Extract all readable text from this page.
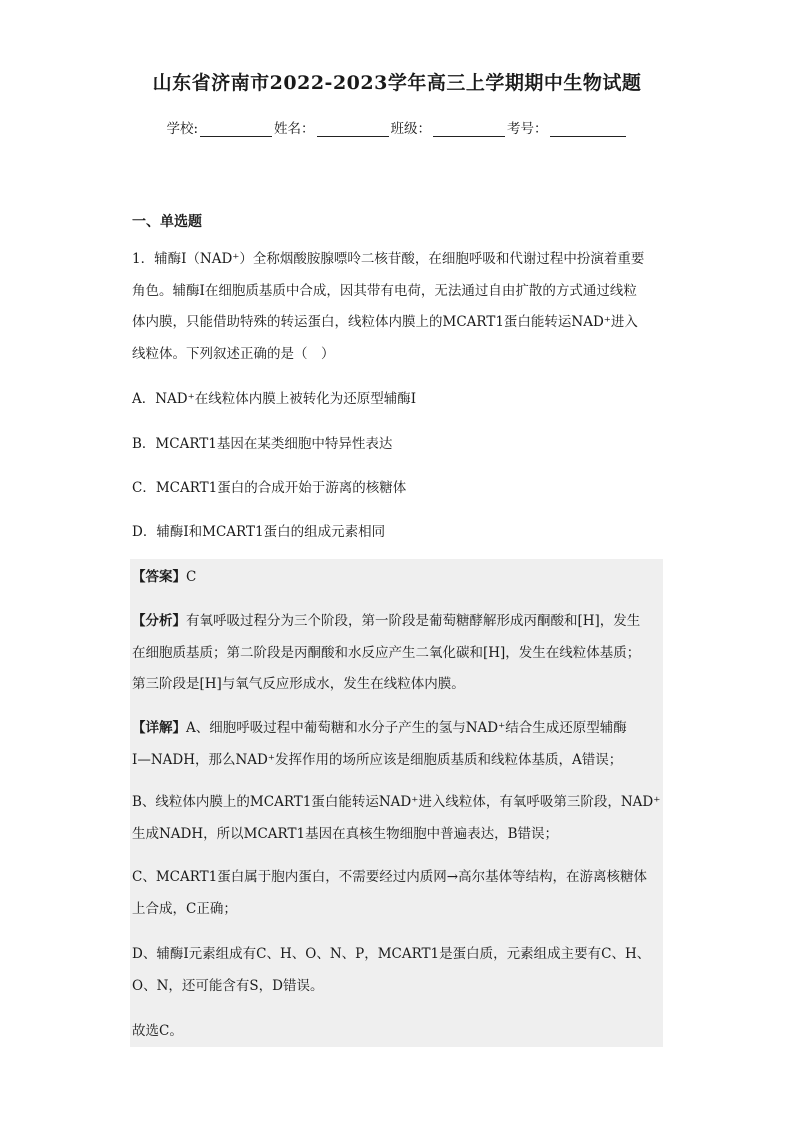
山东省济南市2022-2023学年高三上学期期中生物试题
学校:	姓名：	班级：	考号：
一、单选题
1．辅酶Ⅰ（NAD⁺）全称烟酸胺腺嘌呤二核苷酸，在细胞呼吸和代谢过程中扮演着重要
角色。辅酶Ⅰ在细胞质基质中合成，因其带有电荷，无法通过自由扩散的方式通过线粒
体内膜，只能借助特殊的转运蛋白，线粒体内膜上的MCART1蛋白能转运NAD⁺进入
线粒体。下列叙述正确的是（　）
A．NAD⁺在线粒体内膜上被转化为还原型辅酶Ⅰ
B．MCART1基因在某类细胞中特异性表达
C．MCART1蛋白的合成开始于游离的核糖体
D．辅酶Ⅰ和MCART1蛋白的组成元素相同
【答案】C
【分析】有氧呼吸过程分为三个阶段，第一阶段是葡萄糖酵解形成丙酮酸和[H]，发生
在细胞质基质；第二阶段是丙酮酸和水反应产生二氧化碳和[H]，发生在线粒体基质；
第三阶段是[H]与氧气反应形成水，发生在线粒体内膜。
【详解】A、细胞呼吸过程中葡萄糖和水分子产生的氢与NAD⁺结合生成还原型辅酶
Ⅰ—NADH，那么NAD⁺发挥作用的场所应该是细胞质基质和线粒体基质，A错误；
B、线粒体内膜上的MCART1蛋白能转运NAD⁺进入线粒体，有氧呼吸第三阶段，NAD⁺
生成NADH，所以MCART1基因在真核生物细胞中普遍表达，B错误；
C、MCART1蛋白属于胞内蛋白，不需要经过内质网→高尔基体等结构，在游离核糖体
上合成，C正确；
D、辅酶Ⅰ元素组成有C、H、O、N、P，MCART1是蛋白质，元素组成主要有C、H、
O、N，还可能含有S，D错误。
故选C。
